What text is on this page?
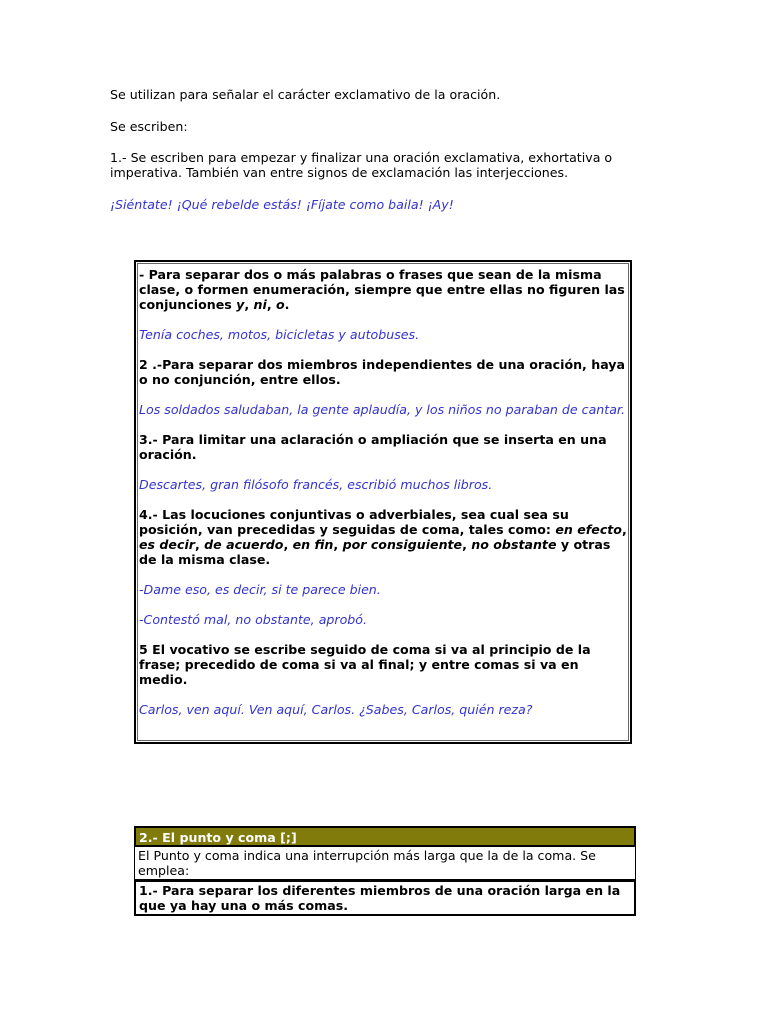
Se utilizan para señalar el carácter exclamativo de la oración.

Se escriben:

1.- Se escriben para empezar y finalizar una oración exclamativa, exhortativa o imperativa. También van entre signos de exclamación las interjecciones.

¡Siéntate! ¡Qué rebelde estás! ¡Fíjate como baila! ¡Ay!

- Para separar dos o más palabras o frases que sean de la misma clase, o formen enumeración, siempre que entre ellas no figuren las conjunciones y, ni, o.

Tenía coches, motos, bicicletas y autobuses.

2 .-Para separar dos miembros independientes de una oración, haya o no conjunción, entre ellos.

Los soldados saludaban, la gente aplaudía, y los niños no paraban de cantar.

3.- Para limitar una aclaración o ampliación que se inserta en una oración.

Descartes, gran filósofo francés, escribió muchos libros.

4.- Las locuciones conjuntivas o adverbiales, sea cual sea su posición, van precedidas y seguidas de coma, tales como: en efecto, es decir, de acuerdo, en fin, por consiguiente, no obstante y otras de la misma clase.

-Dame eso, es decir, si te parece bien.

-Contestó mal, no obstante, aprobó.

5 El vocativo se escribe seguido de coma si va al principio de la frase; precedido de coma si va al final; y entre comas si va en medio.

Carlos, ven aquí. Ven aquí, Carlos. ¿Sabes, Carlos, quién reza?

2.- El punto y coma [;]
El Punto y coma indica una interrupción más larga que la de la coma. Se emplea:
1.- Para separar los diferentes miembros de una oración larga en la que ya hay una o más comas.
